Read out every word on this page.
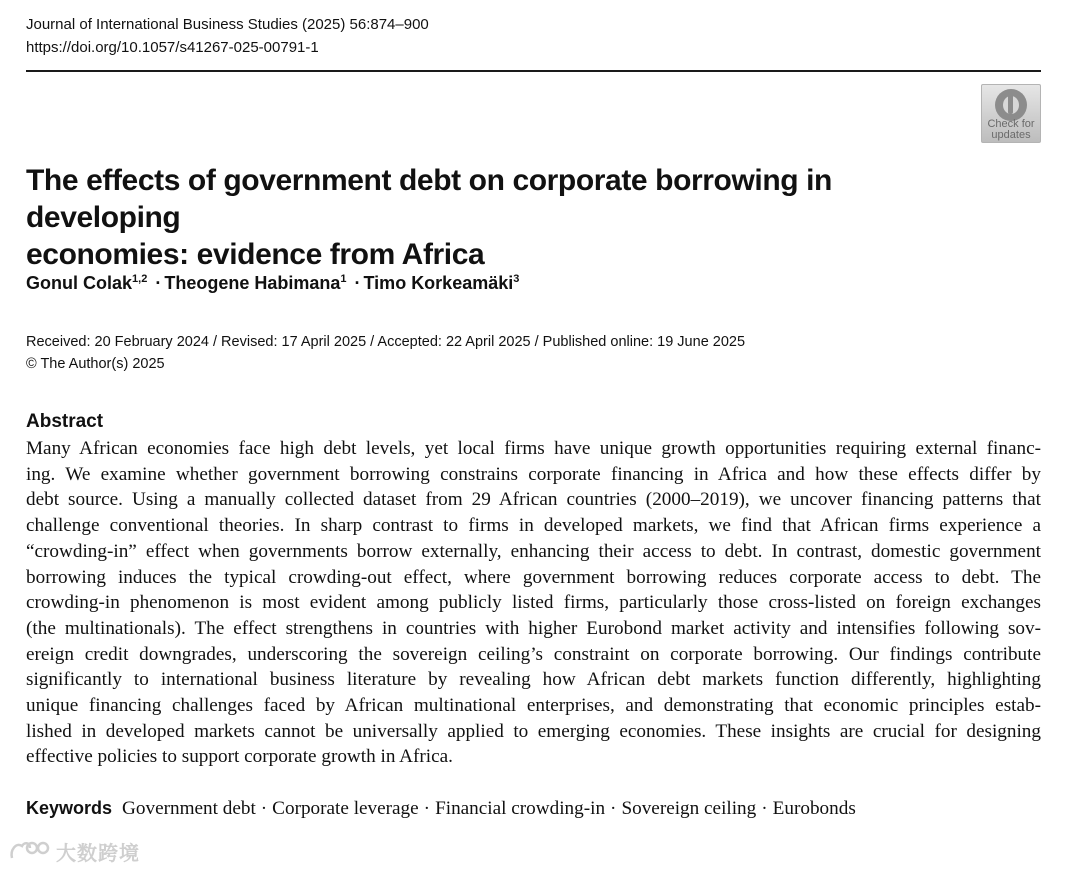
Journal of International Business Studies (2025) 56:874–900
https://doi.org/10.1057/s41267-025-00791-1
Check for
updates
The effects of government debt on corporate borrowing in developing
economies: evidence from Africa
Gonul Colak$^{1,2}$ · Theogene Habimana$^1$ · Timo Korkeamäki$^3$
Received: 20 February 2024 / Revised: 17 April 2025 / Accepted: 22 April 2025 / Published online: 19 June 2025
© The Author(s) 2025
Abstract
Many African economies face high debt levels, yet local firms have unique growth opportunities requiring external financ-
ing. We examine whether government borrowing constrains corporate financing in Africa and how these effects differ by
debt source. Using a manually collected dataset from 29 African countries (2000–2019), we uncover financing patterns that
challenge conventional theories. In sharp contrast to firms in developed markets, we find that African firms experience a
“crowding-in” effect when governments borrow externally, enhancing their access to debt. In contrast, domestic government
borrowing induces the typical crowding-out effect, where government borrowing reduces corporate access to debt. The
crowding-in phenomenon is most evident among publicly listed firms, particularly those cross-listed on foreign exchanges
(the multinationals). The effect strengthens in countries with higher Eurobond market activity and intensifies following sov-
ereign credit downgrades, underscoring the sovereign ceiling’s constraint on corporate borrowing. Our findings contribute
significantly to international business literature by revealing how African debt markets function differently, highlighting
unique financing challenges faced by African multinational enterprises, and demonstrating that economic principles estab-
lished in developed markets cannot be universally applied to emerging economies. These insights are crucial for designing
effective policies to support corporate growth in Africa.
Keywords Government debt · Corporate leverage · Financial crowding-in · Sovereign ceiling · Eurobonds
大数跨境
